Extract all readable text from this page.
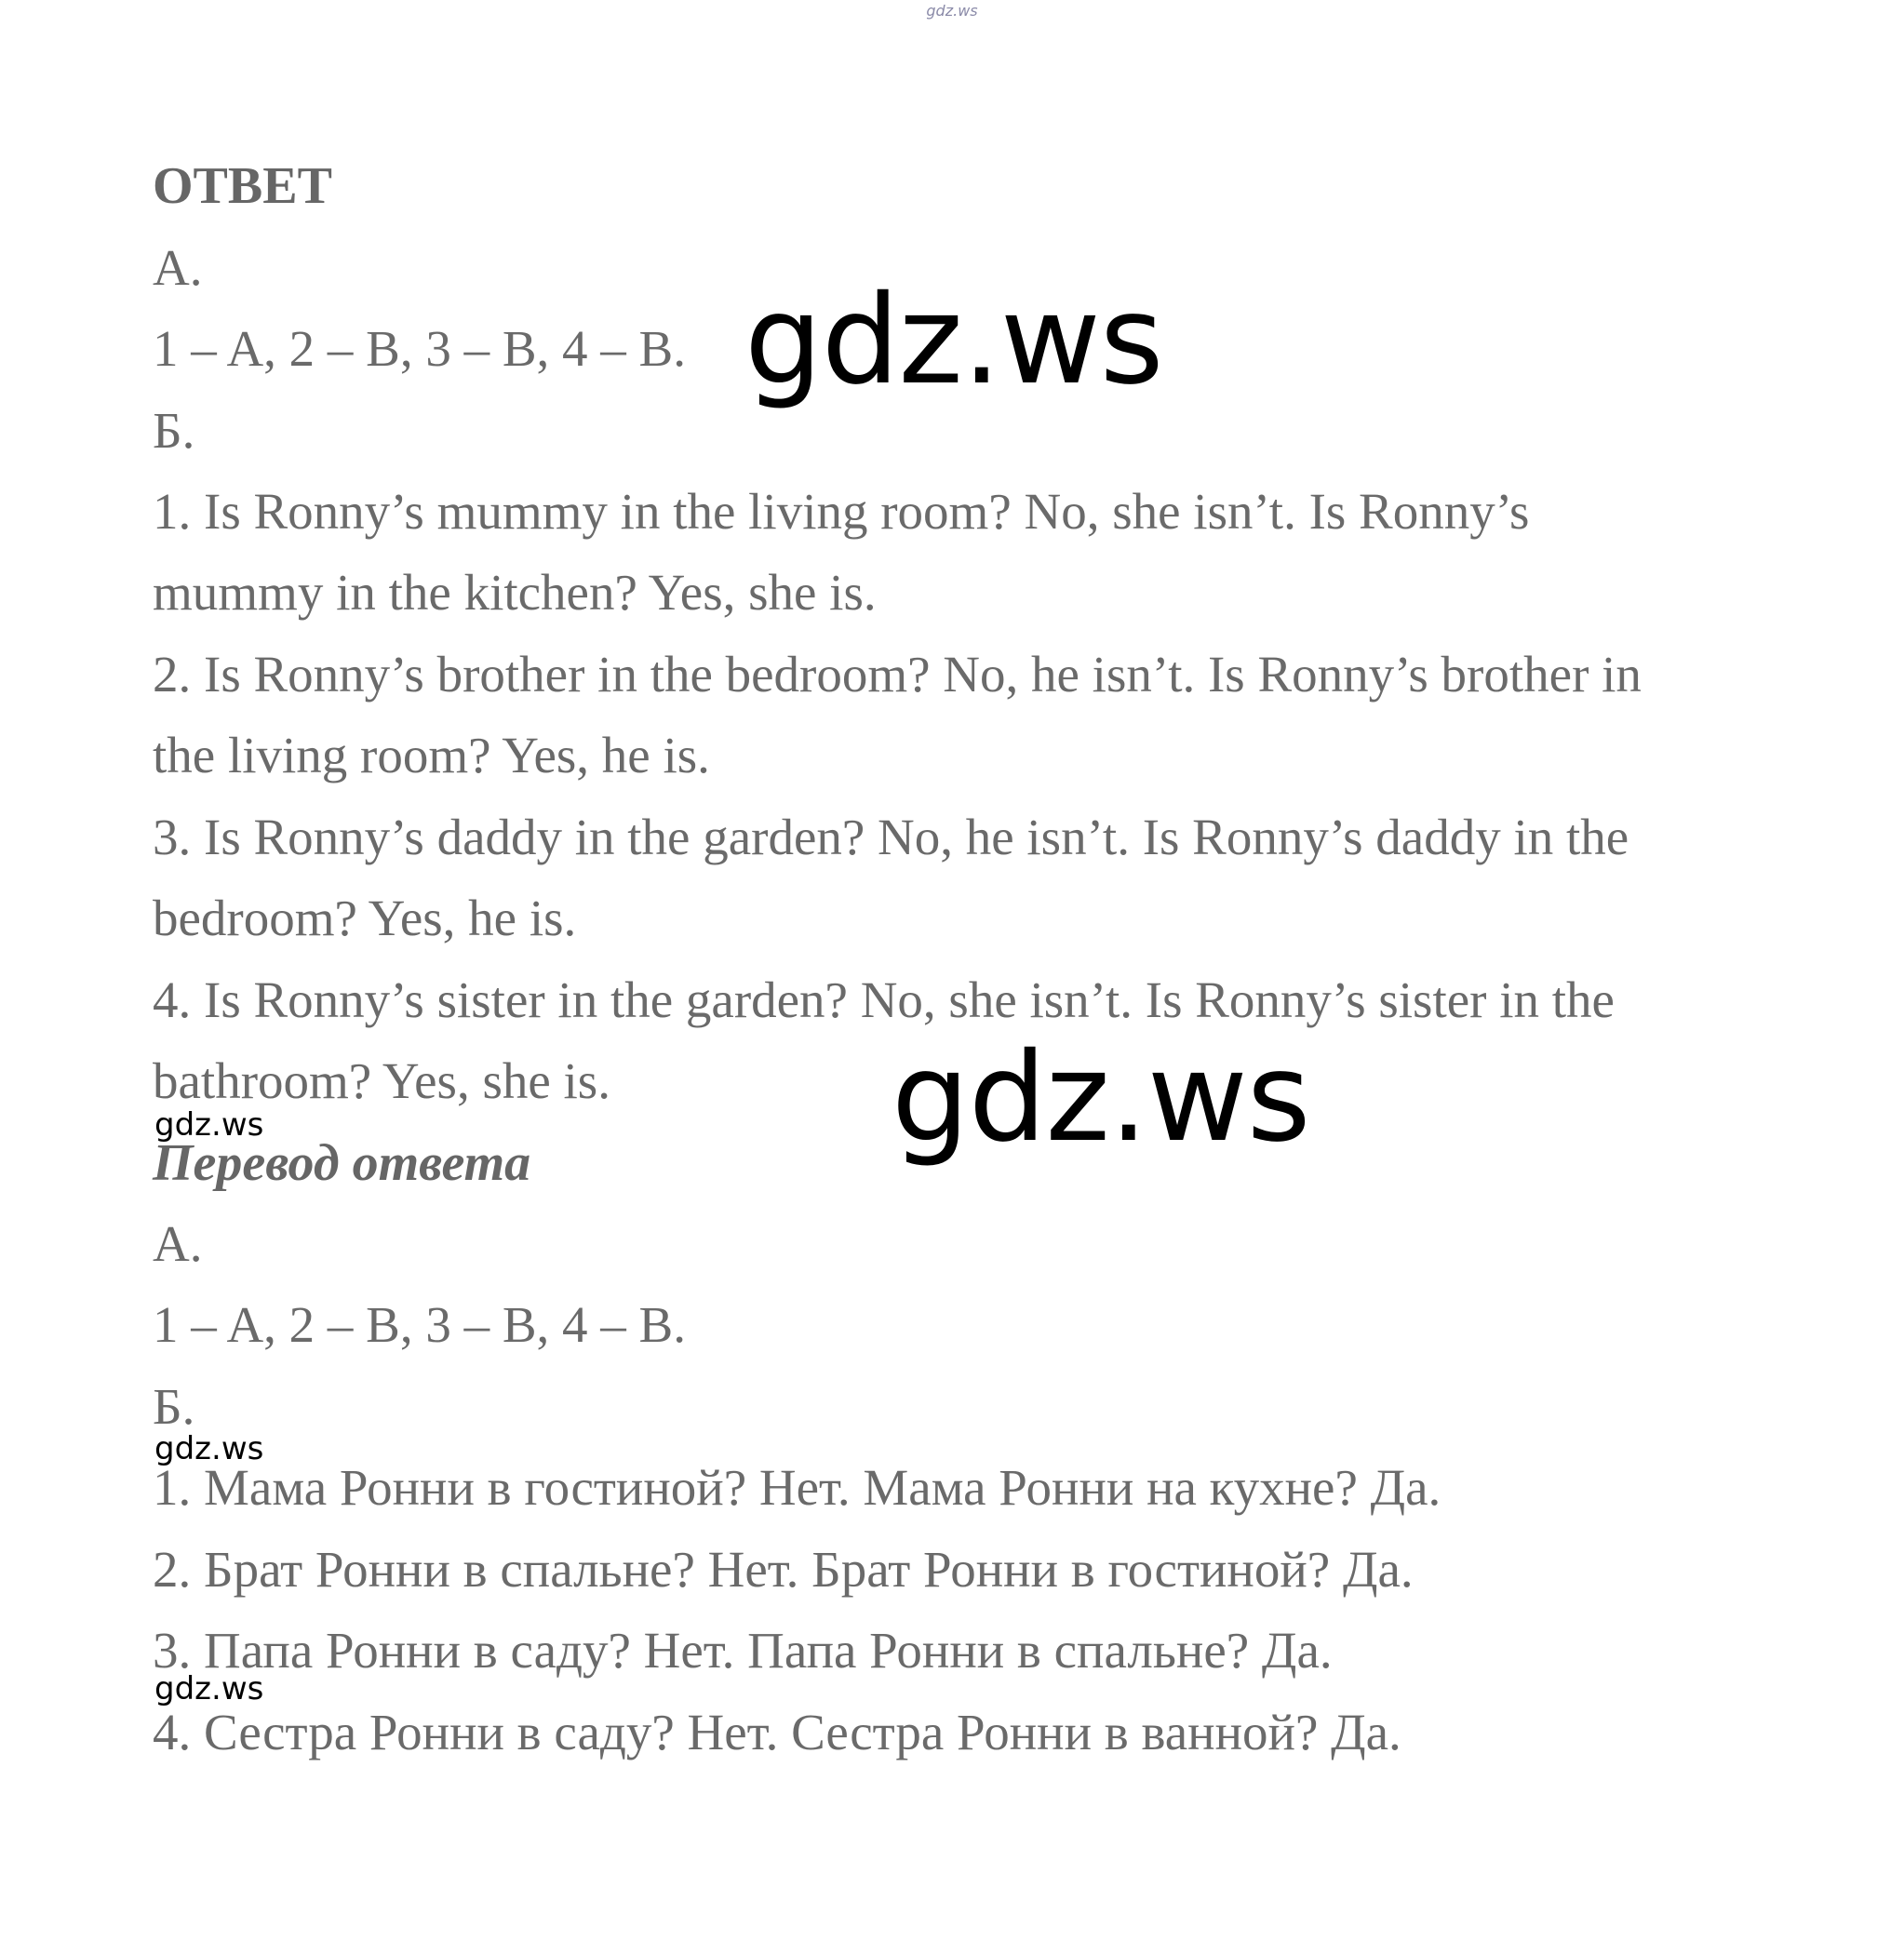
gdz.ws
ОТВЕТ
A.
1 – A, 2 – B, 3 – B, 4 – B.
Б.
1. Is Ronny’s mummy in the living room? No, she isn’t. Is Ronny’s
mummy in the kitchen? Yes, she is.
2. Is Ronny’s brother in the bedroom? No, he isn’t. Is Ronny’s brother in
the living room? Yes, he is.
3. Is Ronny’s daddy in the garden? No, he isn’t. Is Ronny’s daddy in the
bedroom? Yes, he is.
4. Is Ronny’s sister in the garden? No, she isn’t. Is Ronny’s sister in the
bathroom? Yes, she is.
Перевод ответа
A.
1 – A, 2 – B, 3 – B, 4 – B.
Б.
1. Мама Ронни в гостиной? Нет. Мама Ронни на кухне? Да.
2. Брат Ронни в спальне? Нет. Брат Ронни в гостиной? Да.
3. Папа Ронни в саду? Нет. Папа Ронни в спальне? Да.
4. Сестра Ронни в саду? Нет. Сестра Ронни в ванной? Да.
gdz.ws
gdz.ws
gdz.ws
gdz.ws
gdz.ws
